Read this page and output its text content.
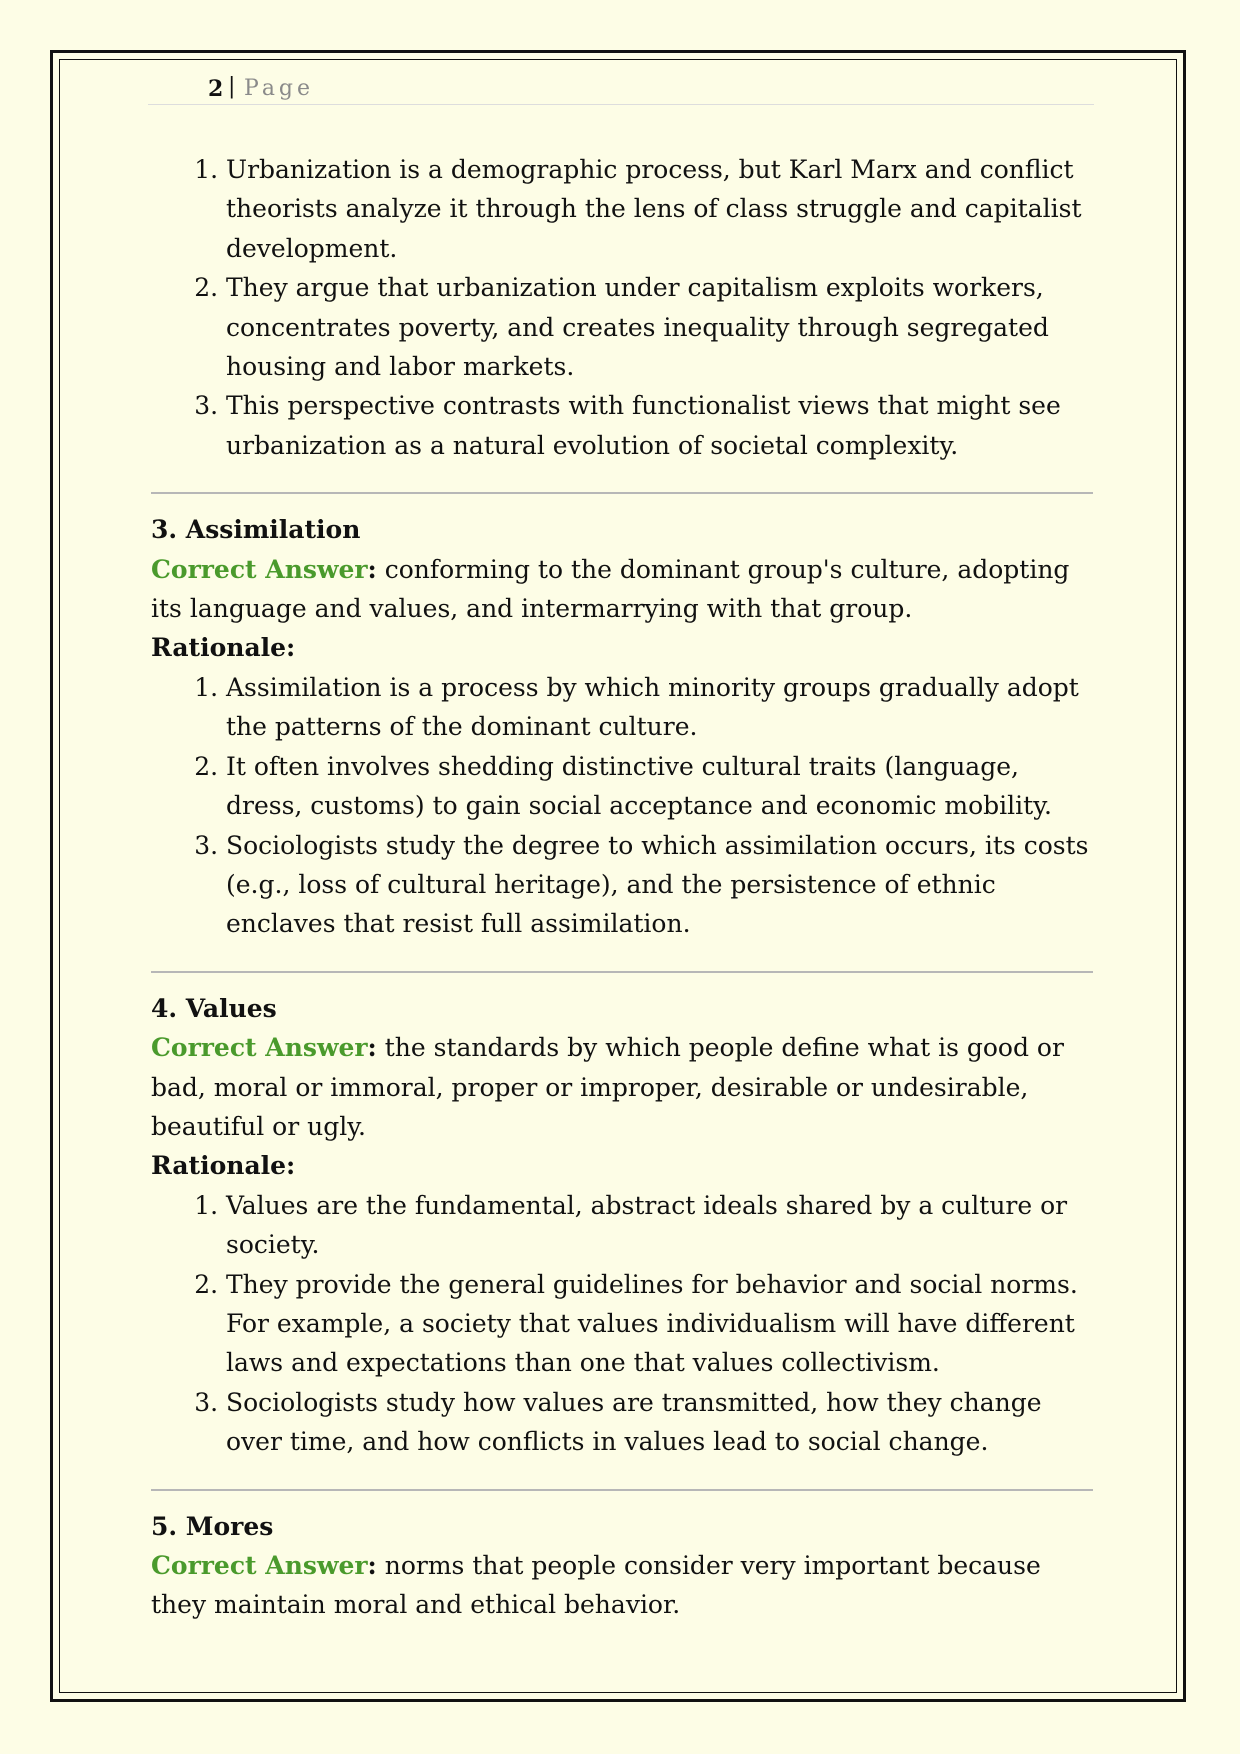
2 | Page
1. Urbanization is a demographic process, but Karl Marx and conflict theorists analyze it through the lens of class struggle and capitalist development.
2. They argue that urbanization under capitalism exploits workers, concentrates poverty, and creates inequality through segregated housing and labor markets.
3. This perspective contrasts with functionalist views that might see urbanization as a natural evolution of societal complexity.
3. Assimilation
Correct Answer: conforming to the dominant group's culture, adopting its language and values, and intermarrying with that group.
Rationale:
1. Assimilation is a process by which minority groups gradually adopt the patterns of the dominant culture.
2. It often involves shedding distinctive cultural traits (language, dress, customs) to gain social acceptance and economic mobility.
3. Sociologists study the degree to which assimilation occurs, its costs (e.g., loss of cultural heritage), and the persistence of ethnic enclaves that resist full assimilation.
4. Values
Correct Answer: the standards by which people define what is good or bad, moral or immoral, proper or improper, desirable or undesirable, beautiful or ugly.
Rationale:
1. Values are the fundamental, abstract ideals shared by a culture or society.
2. They provide the general guidelines for behavior and social norms. For example, a society that values individualism will have different laws and expectations than one that values collectivism.
3. Sociologists study how values are transmitted, how they change over time, and how conflicts in values lead to social change.
5. Mores
Correct Answer: norms that people consider very important because they maintain moral and ethical behavior.
